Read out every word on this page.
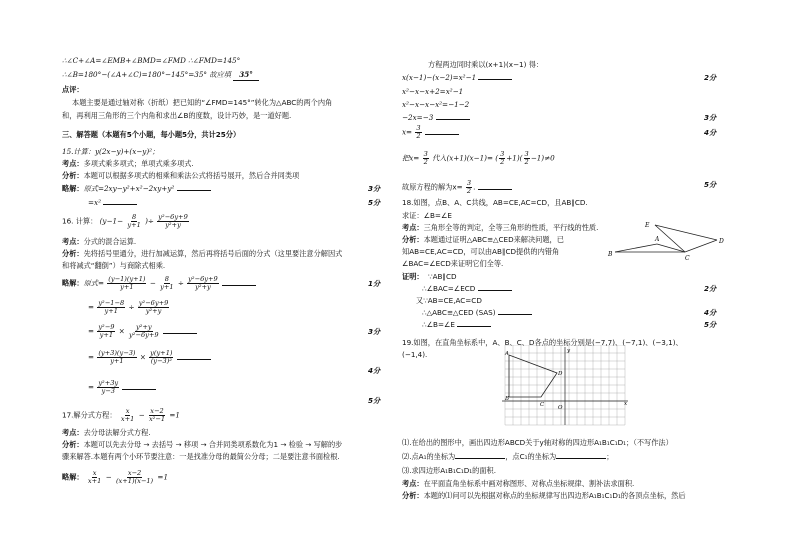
∴∠C+∠A=∠EMB+∠BMD=∠FMD ∴∠FMD=145°
∴∠B=180°−(∠A+∠C)=180°−145°=35° 故应填 35°
点评：
本题主要是通过轴对称（折纸）把已知的“∠FMD=145°”转化为△ABC的两个内角
和，再利用三角形的三个内角和求出∠B的度数，设计巧妙，是一道好题.
三、解答题（本题有5个小题，每小题5分，共计25分）
15.计算：y(2x−y)+(x−y)²；
考点：多项式乘多项式；单项式乘多项式.
分析：本题可以根据多项式的相乘和乘法公式将括号展开，然后合并同类项
略解：原式=2xy−y²+x²−2xy+y²
=x²
16. 计算： ($y-1- \frac{8}{y+1}$ )÷ $\frac{\text{y²−6y+9}}{\text{y²+y}}$
考点：分式的混合运算.
分析：先将括号里通分，进行加减运算，然后再将括号后面的分式（这里要注意分解因式
和将减式“翻倒”）与商除式相乘.
略解：原式= $\frac{(y-1)(y+1)}{y+1} - \frac{8}{y+1} \div \frac{\text{y²−6y+9}}{\text{y²+y}}$

= $\frac{\text{y²−1−8}}{y+1} \div \frac{\text{y²−6y+9}}{\text{y²+y}}$
= $\frac{\text{y²−9}}{y+1} \times \frac{\text{y²+y}}{\text{y²−6y+9}}$

= $\frac{(y+3)(y-3)}{y+1} \times \frac{y(y+1)}{\text{(y−3)²}}$

= $\frac{\text{y²+3y}}{y-3}$

17.解分式方程： $\frac{x}{x+1} - \frac{x-2}{\text{x²−1}} =1$
考点：去分母法解分式方程.
分析：本题可以先去分母 → 去括号 → 移项 → 合并同类项系数化为1 → 检验 → 写解的步
骤来解答.本题有两个小环节要注意：一是找准分母的最简公分母；二是要注意书面检根.
略解： $\frac{x}{x+1} - \frac{x-2}{(x+1)(x-1)} =1$
3分
5分
1分
3分
4分
5分
方程两边同时乘以(x+1)(x−1) 得：
x(x−1)−(x−2)=x²−1
x²−x−x+2=x²−1
x²−x−x−x²=−1−2
−2x=−3
$x= \frac{3}{2}$

把$x= \frac{3}{2}$ 代入(x+1)(x−1)= ( $\frac{3}{2} +1)( \frac{3}{2} -1)\ne 0$
故原方程的解为$x= \frac{3}{2}$ .
18.如图，点B、A、C共线，AB=CE,AC=CD，且AB∥CD.
求证：∠B=∠E
考点：三角形全等的判定，全等三角形的性质，平行线的性质.
分析：本题通过证明△ABC≌△CED来解决问题，已
知AB=CE,AC=CD，可以由AB∥CD提供的内错角
∠BAC=∠ECD来证明它们全等.
证明： ∵AB∥CD
∴∠BAC=∠ECD
又∵AB=CE,AC=CD
∴△ABC≌△CED (SAS)
∴∠B=∠E
19.如图，在直角坐标系中，A、B、C、D各点的坐标分别是(−7,7)、(−7,1)、(−3,1)、
(−1,4).
⑴.在给出的图形中，画出四边形ABCD关于y轴对称的四边形A₁B₁C₁D₁；（不写作法）
⑵.点A₁的坐标为	，点C₁的坐标为	；
⑶.求四边形A₁B₁C₁D₁的面积.
考点：在平面直角坐标系中画对称图形、对称点坐标规律、割补法求面积.
分析：本题的⑴问可以先根据对称点的坐标规律写出四边形A₁B₁C₁D₁的各顶点坐标，然后
2分
3分
4分
5分
2分
4分
5分
B
A
C
E
D
A
B
C
D
O
x
y
